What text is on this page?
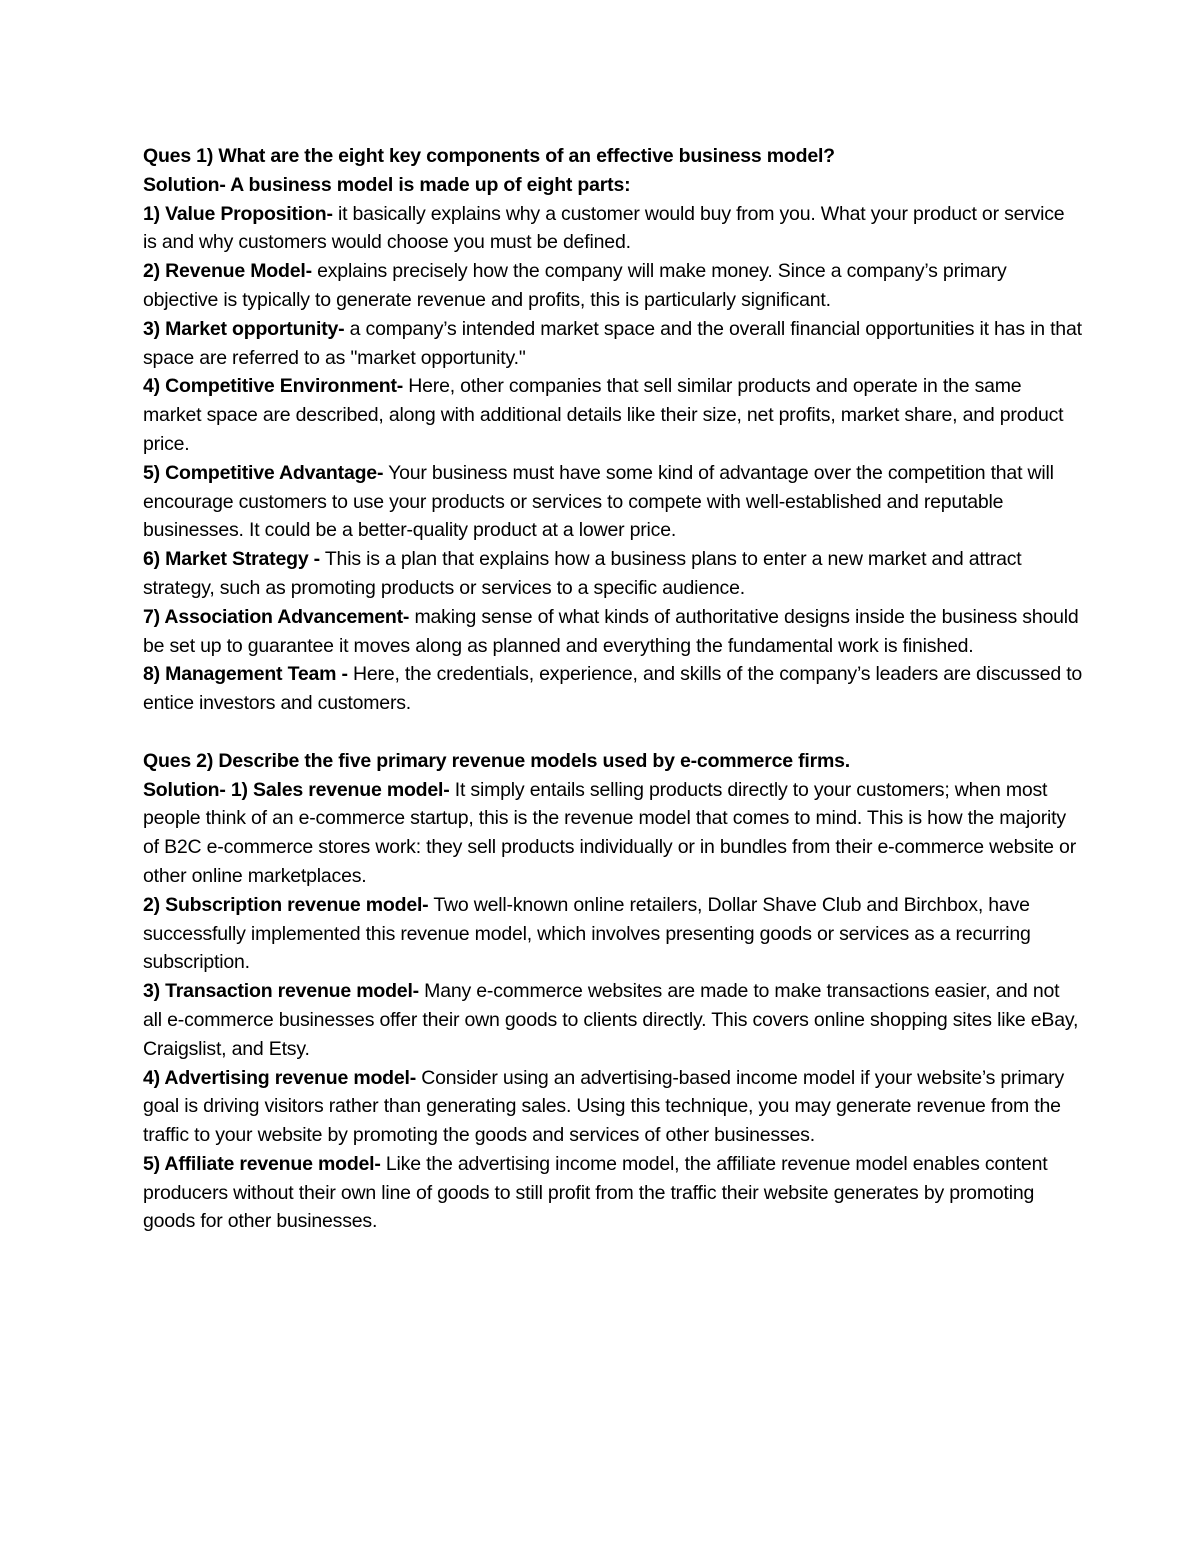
Ques 1) What are the eight key components of an effective business model?

Solution- A business model is made up of eight parts:

1) Value Proposition- it basically explains why a customer would buy from you. What your product or service is and why customers would choose you must be defined.

2) Revenue Model- explains precisely how the company will make money. Since a company’s primary objective is typically to generate revenue and profits, this is particularly significant.

3) Market opportunity- a company’s intended market space and the overall financial opportunities it has in that space are referred to as "market opportunity."

4) Competitive Environment- Here, other companies that sell similar products and operate in the same market space are described, along with additional details like their size, net profits, market share, and product price.

5) Competitive Advantage- Your business must have some kind of advantage over the competition that will encourage customers to use your products or services to compete with well-established and reputable businesses. It could be a better-quality product at a lower price.

6) Market Strategy - This is a plan that explains how a business plans to enter a new market and attract strategy, such as promoting products or services to a specific audience.

7) Association Advancement- making sense of what kinds of authoritative designs inside the business should be set up to guarantee it moves along as planned and everything the fundamental work is finished.

8) Management Team - Here, the credentials, experience, and skills of the company’s leaders are discussed to entice investors and customers.

Ques 2) Describe the five primary revenue models used by e-commerce firms.

Solution- 1) Sales revenue model- It simply entails selling products directly to your customers; when most people think of an e-commerce startup, this is the revenue model that comes to mind. This is how the majority of B2C e-commerce stores work: they sell products individually or in bundles from their e-commerce website or other online marketplaces.

2) Subscription revenue model- Two well-known online retailers, Dollar Shave Club and Birchbox, have successfully implemented this revenue model, which involves presenting goods or services as a recurring subscription.

3) Transaction revenue model- Many e-commerce websites are made to make transactions easier, and not all e-commerce businesses offer their own goods to clients directly. This covers online shopping sites like eBay, Craigslist, and Etsy.

4) Advertising revenue model- Consider using an advertising-based income model if your website’s primary goal is driving visitors rather than generating sales. Using this technique, you may generate revenue from the traffic to your website by promoting the goods and services of other businesses.

5) Affiliate revenue model- Like the advertising income model, the affiliate revenue model enables content producers without their own line of goods to still profit from the traffic their website generates by promoting goods for other businesses.
